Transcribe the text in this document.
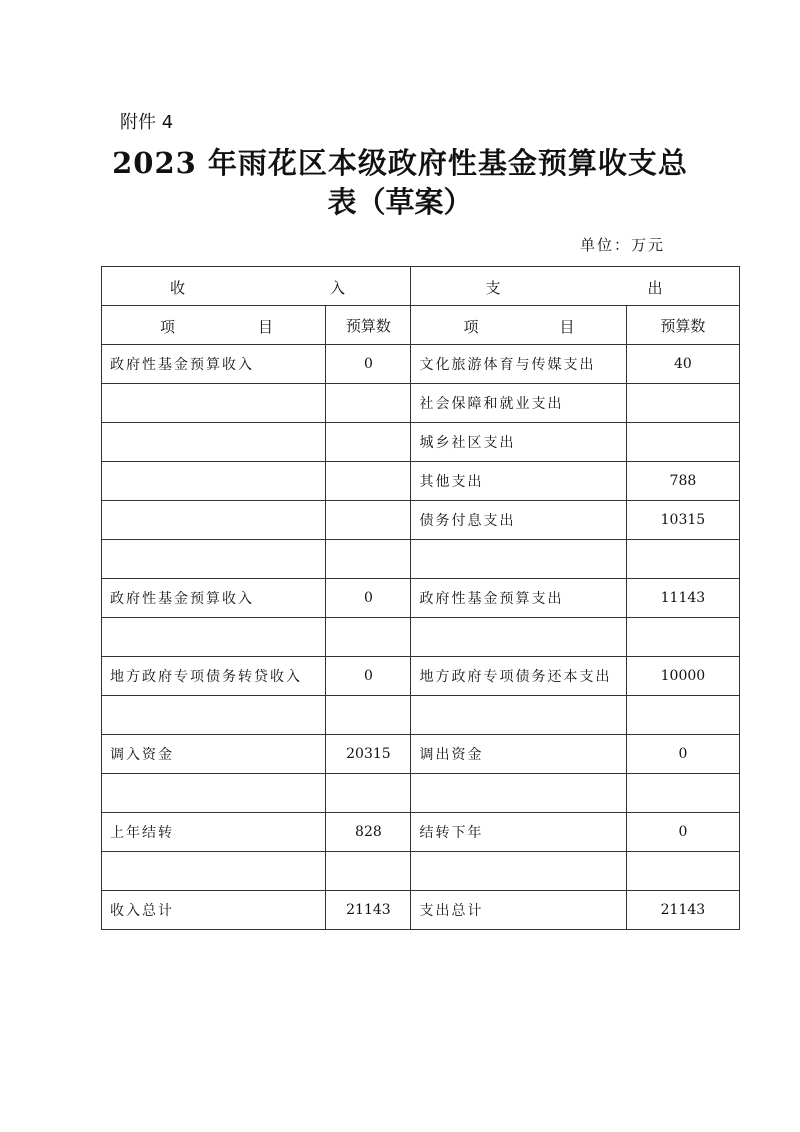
附件 4
2023 年雨花区本级政府性基金预算收支总
表（草案）
单位：万元
收 入		支 出	

项 目	预算数	项 目	预算数
政府性基金预算收入	0	文化旅游体育与传媒支出	40
		社会保障和就业支出	
		城乡社区支出	
		其他支出	788
		债务付息支出	10315

政府性基金预算收入	0	政府性基金预算支出	11143

地方政府专项债务转贷收入	0	地方政府专项债务还本支出	10000

调入资金	20315	调出资金	0

上年结转	828	结转下年	0

收入总计	21143	支出总计	21143
